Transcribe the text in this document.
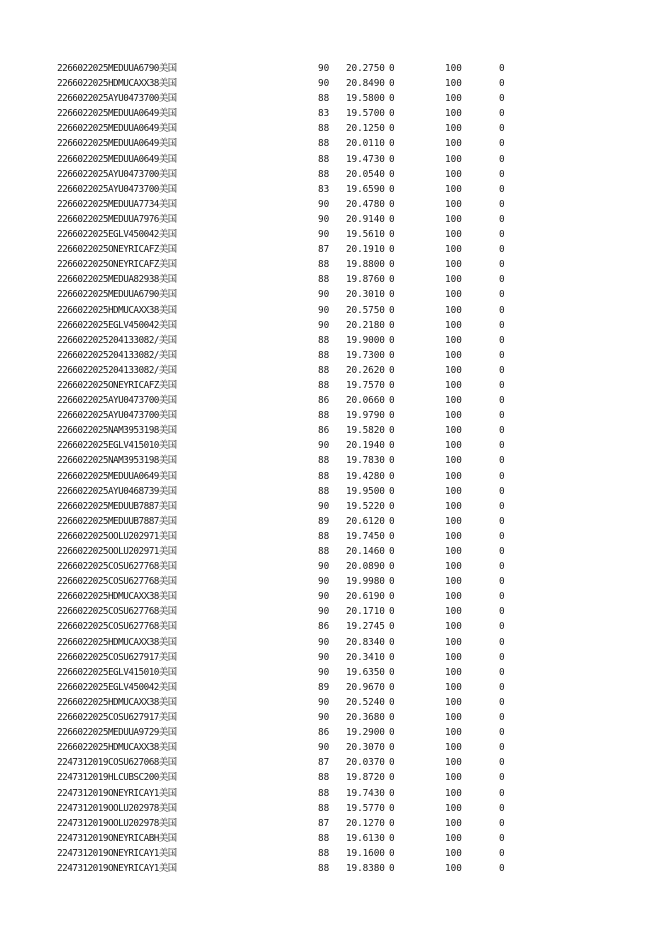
2266022025MEDUUA6790美国	90 20.2750 0	100	0
2266022025HDMUCAXX38美国	90 20.8490 0	100	0
2266022025AYU0473700美国	88 19.5800 0	100	0
2266022025MEDUUA0649美国	83 19.5700 0	100	0
2266022025MEDUUA0649美国	88 20.1250 0	100	0
2266022025MEDUUA0649美国	88 20.0110 0	100	0
2266022025MEDUUA0649美国	88 19.4730 0	100	0
2266022025AYU0473700美国	88 20.0540 0	100	0
2266022025AYU0473700美国	83 19.6590 0	100	0
2266022025MEDUUA7734美国	90 20.4780 0	100	0
2266022025MEDUUA7976美国	90 20.9140 0	100	0
2266022025EGLV450042美国	90 19.5610 0	100	0
2266022025ONEYRICAFZ美国	87 20.1910 0	100	0
2266022025ONEYRICAFZ美国	88 19.8800 0	100	0
2266022025MEDUA82938美国	88 19.8760 0	100	0
2266022025MEDUUA6790美国	90 20.3010 0	100	0
2266022025HDMUCAXX38美国	90 20.5750 0	100	0
2266022025EGLV450042美国	90 20.2180 0	100	0
2266022025204133082/美国	88 19.9000 0	100	0
2266022025204133082/美国	88 19.7300 0	100	0
2266022025204133082/美国	88 20.2620 0	100	0
2266022025ONEYRICAFZ美国	88 19.7570 0	100	0
2266022025AYU0473700美国	86 20.0660 0	100	0
2266022025AYU0473700美国	88 19.9790 0	100	0
2266022025NAM3953198美国	86 19.5820 0	100	0
2266022025EGLV415010美国	90 20.1940 0	100	0
2266022025NAM3953198美国	88 19.7830 0	100	0
2266022025MEDUUA0649美国	88 19.4280 0	100	0
2266022025AYU0468739美国	88 19.9500 0	100	0
2266022025MEDUUB7887美国	90 19.5220 0	100	0
2266022025MEDUUB7887美国	89 20.6120 0	100	0
2266022025OOLU202971美国	88 19.7450 0	100	0
2266022025OOLU202971美国	88 20.1460 0	100	0
2266022025COSU627768美国	90 20.0890 0	100	0
2266022025COSU627768美国	90 19.9980 0	100	0
2266022025HDMUCAXX38美国	90 20.6190 0	100	0
2266022025COSU627768美国	90 20.1710 0	100	0
2266022025COSU627768美国	86 19.2745 0	100	0
2266022025HDMUCAXX38美国	90 20.8340 0	100	0
2266022025COSU627917美国	90 20.3410 0	100	0
2266022025EGLV415010美国	90 19.6350 0	100	0
2266022025EGLV450042美国	89 20.9670 0	100	0
2266022025HDMUCAXX38美国	90 20.5240 0	100	0
2266022025COSU627917美国	90 20.3680 0	100	0
2266022025MEDUUA9729美国	86 19.2900 0	100	0
2266022025HDMUCAXX38美国	90 20.3070 0	100	0
2247312019COSU627068美国	87 20.0370 0	100	0
2247312019HLCUBSC200美国	88 19.8720 0	100	0
2247312019ONEYRICAY1美国	88 19.7430 0	100	0
2247312019OOLU202978美国	88 19.5770 0	100	0
2247312019OOLU202978美国	87 20.1270 0	100	0
2247312019ONEYRICABH美国	88 19.6130 0	100	0
2247312019ONEYRICAY1美国	88 19.1600 0	100	0
2247312019ONEYRICAY1美国	88 19.8380 0	100	0
